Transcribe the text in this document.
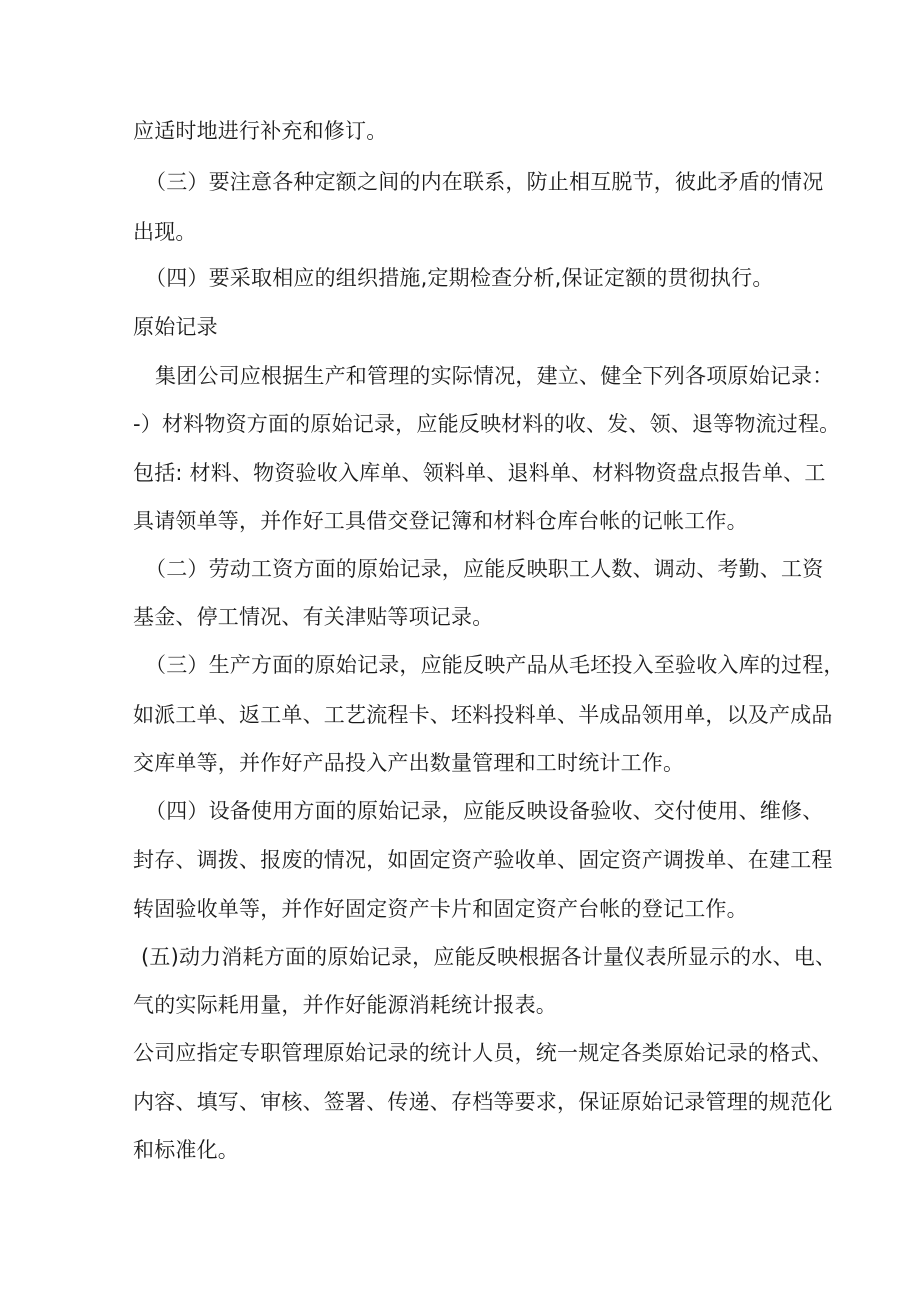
应适时地进行补充和修订。
（三）要注意各种定额之间的内在联系，防止相互脱节，彼此矛盾的情况
出现。
（四）要采取相应的组织措施,定期检查分析,保证定额的贯彻执行。
原始记录
集团公司应根据生产和管理的实际情况，建立、健全下列各项原始记录：
-）材料物资方面的原始记录，应能反映材料的收、发、领、退等物流过程。
包括: 材料、物资验收入库单、领料单、退料单、材料物资盘点报告单、工
具请领单等，并作好工具借交登记簿和材料仓库台帐的记帐工作。
（二）劳动工资方面的原始记录，应能反映职工人数、调动、考勤、工资
基金、停工情况、有关津贴等项记录。
（三）生产方面的原始记录，应能反映产品从毛坯投入至验收入库的过程，
如派工单、返工单、工艺流程卡、坯料投料单、半成品领用单，以及产成品
交库单等，并作好产品投入产出数量管理和工时统计工作。
（四）设备使用方面的原始记录，应能反映设备验收、交付使用、维修、
封存、调拨、报废的情况，如固定资产验收单、固定资产调拨单、在建工程
转固验收单等，并作好固定资产卡片和固定资产台帐的登记工作。
(五)动力消耗方面的原始记录，应能反映根据各计量仪表所显示的水、电、
气的实际耗用量，并作好能源消耗统计报表。
公司应指定专职管理原始记录的统计人员，统一规定各类原始记录的格式、
内容、填写、审核、签署、传递、存档等要求，保证原始记录管理的规范化
和标准化。
